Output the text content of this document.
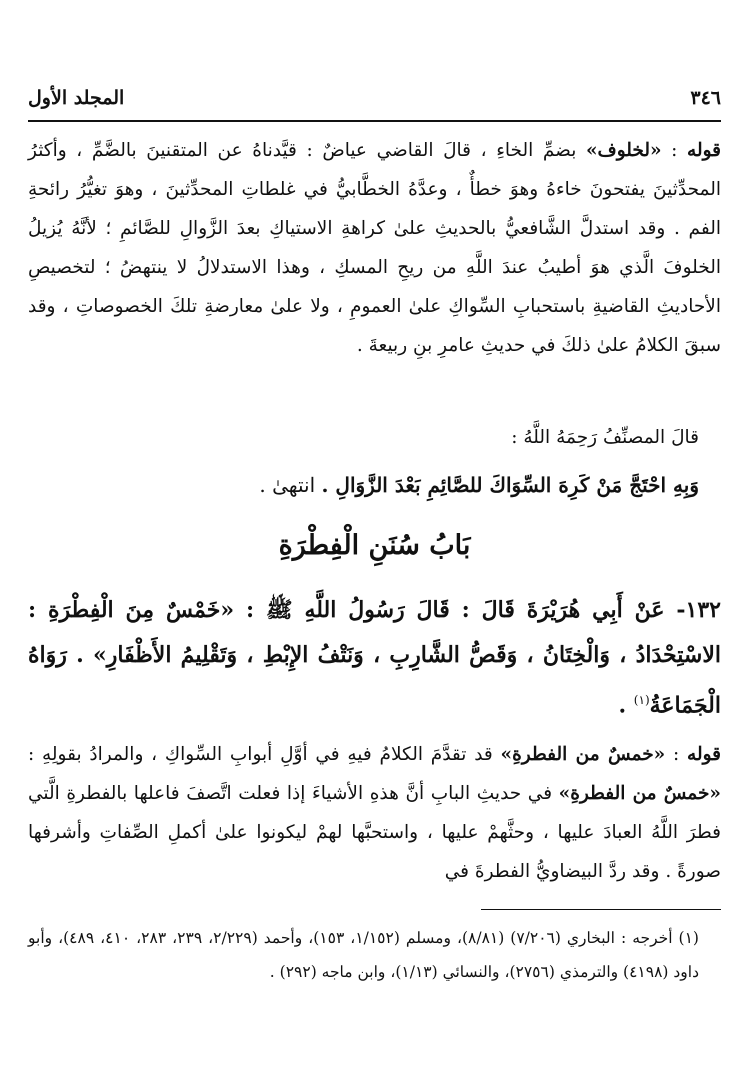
٣٤٦
المجلد الأول

قوله : «لخلوف» بضمِّ الخاءِ ، قالَ القاضي عياضٌ : قيَّدناهُ عن المتقنينَ بالضَّمِّ ، وأكثرُ المحدِّثينَ يفتحونَ خاءهُ وهوَ خطأٌ ، وعدَّهُ الخطَّابيُّ في غلطاتِ المحدِّثينَ ، وهوَ تغيُّرُ رائحةِ الفم . وقد استدلَّ الشَّافعيُّ بالحديثِ علىٰ كراهةِ الاستياكِ بعدَ الزَّوالِ للصَّائمِ ؛ لأنَّهُ يُزيلُ الخلوفَ الَّذي هوَ أطيبُ عندَ اللَّهِ من ريحِ المسكِ ، وهذا الاستدلالُ لا ينتهضُ ؛ لتخصيصِ الأحاديثِ القاضيةِ باستحبابِ السِّواكِ علىٰ العمومِ ، ولا علىٰ معارضةِ تلكَ الخصوصاتِ ، وقد سبقَ الكلامُ علىٰ ذلكَ في حديثِ عامرِ بنِ ربيعةَ .

قالَ المصنِّفُ رَحِمَهُ اللَّهُ :

وَبِهِ احْتَجَّ مَنْ كَرِهَ السِّوَاكَ للصَّائِمِ بَعْدَ الزَّوَالِ . انتهىٰ .

بَابُ سُنَنِ الْفِطْرَةِ

١٣٢- عَنْ أَبِي هُرَيْرَةَ قَالَ : قَالَ رَسُولُ اللَّهِ ﷺ : «خَمْسٌ مِنَ الْفِطْرَةِ : الاسْتِحْدَادُ ، وَالْخِتَانُ ، وَقَصُّ الشَّارِبِ ، وَنَتْفُ الإِبْطِ ، وَتَقْلِيمُ الأَظْفَارِ» . رَوَاهُ الْجَمَاعَةُ$^{(١)}$ .

قوله : «خمسٌ من الفطرةِ» قد تقدَّمَ الكلامُ فيهِ في أوَّلِ أبوابِ السِّواكِ ، والمرادُ بقولِهِ : «خمسٌ من الفطرةِ» في حديثِ البابِ أنَّ هذهِ الأشياءَ إذا فعلت اتَّصفَ فاعلها بالفطرةِ الَّتي فطرَ اللَّهُ العبادَ عليها ، وحثَّهمْ عليها ، واستحبَّها لهمْ ليكونوا علىٰ أكملِ الصِّفاتِ وأشرفها صورةً . وقد ردَّ البيضاويُّ الفطرةَ في

(١) أخرجه : البخاري (٧/٢٠٦) (٨/٨١)، ومسلم (١/١٥٢، ١٥٣)، وأحمد (٢/٢٢٩، ٢٣٩، ٢٨٣، ٤١٠، ٤٨٩)، وأبو داود (٤١٩٨) والترمذي (٢٧٥٦)، والنسائي (١/١٣)، وابن ماجه (٢٩٢) .
